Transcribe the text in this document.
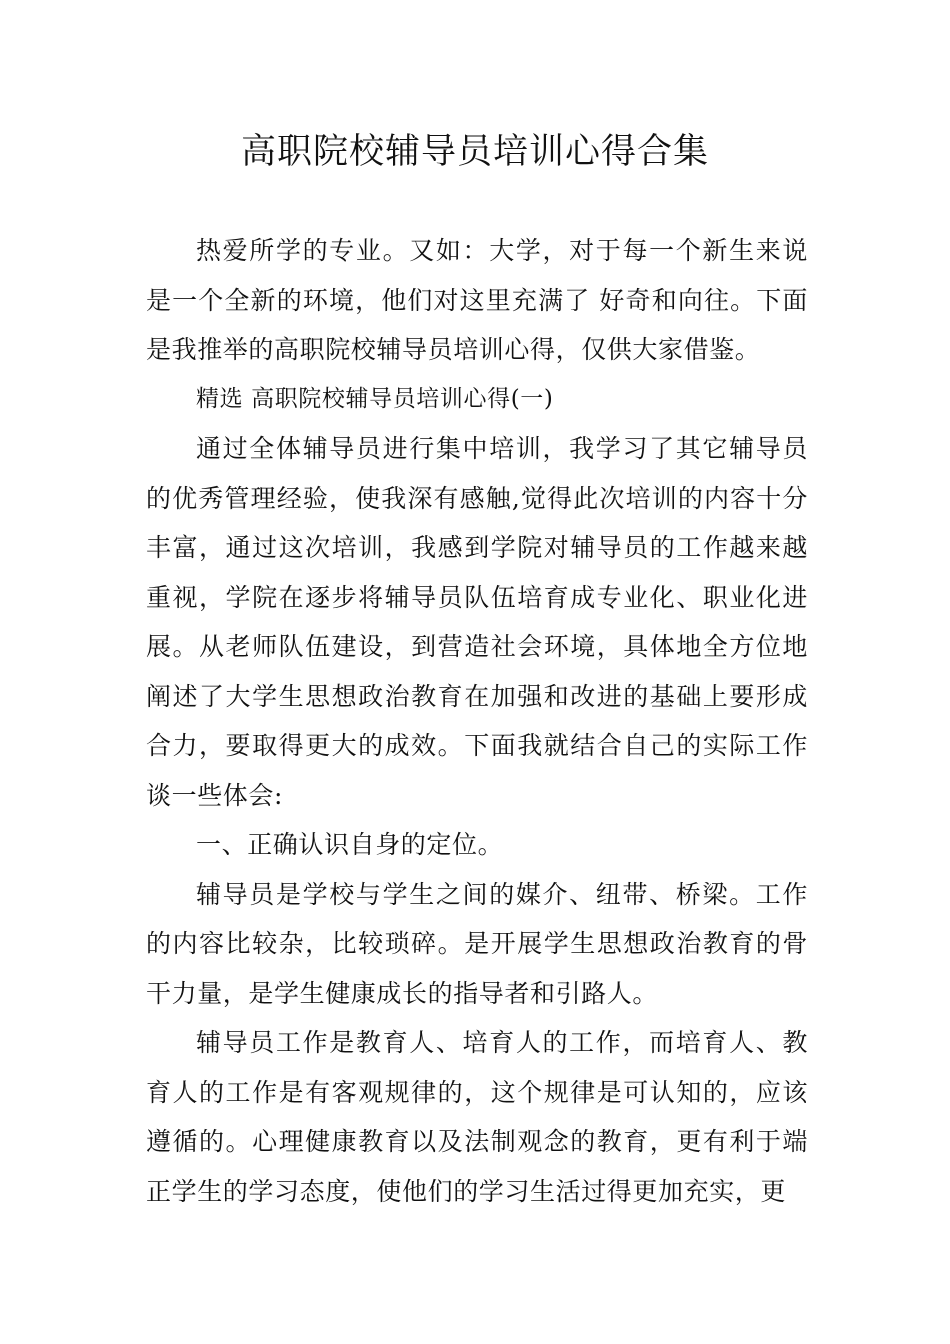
高职院校辅导员培训心得合集

热爱所学的专业。又如：大学，对于每一个新生来说是一个全新的环境，他们对这里充满了 好奇和向往。下面是我推举的高职院校辅导员培训心得，仅供大家借鉴。

精选 高职院校辅导员培训心得(一)

通过全体辅导员进行集中培训，我学习了其它辅导员的优秀管理经验，使我深有感触,觉得此次培训的内容十分丰富，通过这次培训，我感到学院对辅导员的工作越来越重视，学院在逐步将辅导员队伍培育成专业化、职业化进展。从老师队伍建设，到营造社会环境，具体地全方位地阐述了大学生思想政治教育在加强和改进的基础上要形成合力，要取得更大的成效。下面我就结合自己的实际工作谈一些体会:

一、正确认识自身的定位。

辅导员是学校与学生之间的媒介、纽带、桥梁。工作的内容比较杂，比较琐碎。是开展学生思想政治教育的骨干力量，是学生健康成长的指导者和引路人。

辅导员工作是教育人、培育人的工作，而培育人、教育人的工作是有客观规律的，这个规律是可认知的，应该遵循的。心理健康教育以及法制观念的教育，更有利于端正学生的学习态度，使他们的学习生活过得更加充实，更
